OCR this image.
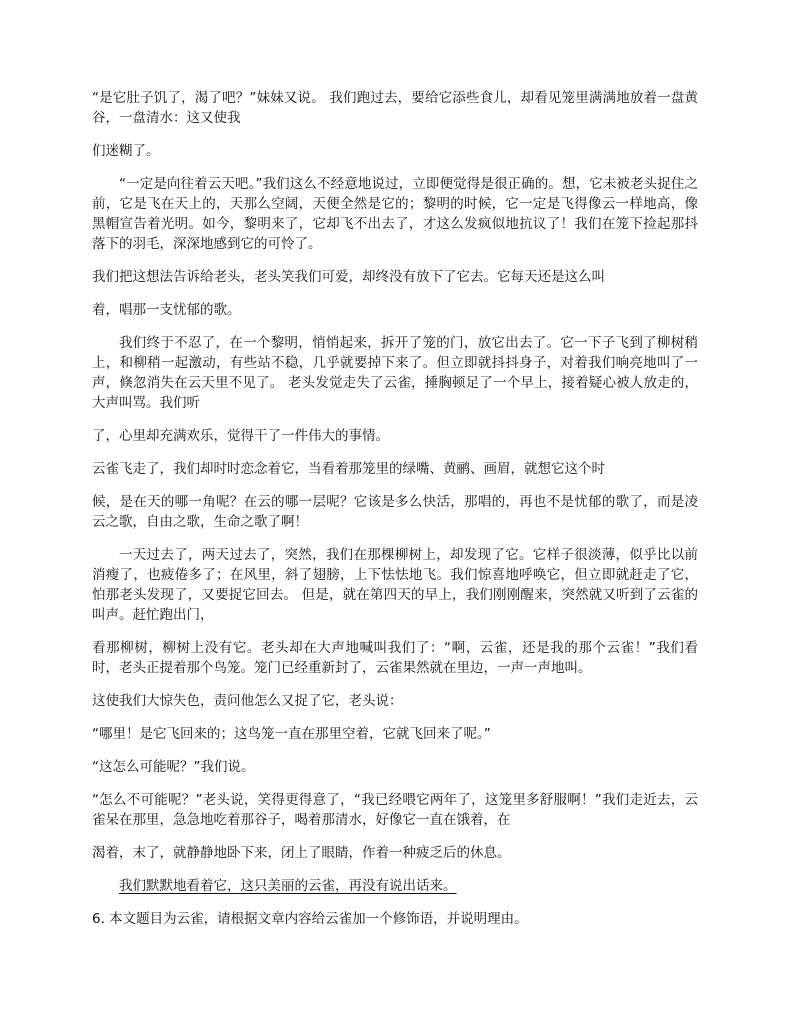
“是它肚子饥了，渴了吧？”妹妹又说。 我们跑过去，要给它添些食儿，却看见笼里满满地放着一盘黄谷，一盘清水：这又使我

们迷糊了。

“一定是向往着云天吧。”我们这么不经意地说过，立即便觉得是很正确的。想，它未被老头捉住之前，它是飞在天上的，天那么空阔，天便全然是它的；黎明的时候，它一定是飞得像云一样地高，像黑帽宣告着光明。如今，黎明来了，它却飞不出去了，才这么发疯似地抗议了！我们在笼下捡起那抖落下的羽毛，深深地感到它的可怜了。

我们把这想法告诉给老头，老头笑我们可爱，却终没有放下了它去。它每天还是这么叫

着，唱那一支忧郁的歌。

我们终于不忍了，在一个黎明，悄悄起来，拆开了笼的门，放它出去了。它一下子飞到了柳树稍上，和柳稍一起激动，有些站不稳，几乎就要掉下来了。但立即就抖抖身子，对着我们响亮地叫了一声，倏忽消失在云天里不见了。 老头发觉走失了云雀，捶胸顿足了一个早上，接着疑心被人放走的，大声叫骂。我们听

了，心里却充满欢乐，觉得干了一件伟大的事情。

云雀飞走了，我们却时时恋念着它，当看着那笼里的绿嘴、黄鹂、画眉，就想它这个时

候，是在天的哪一角呢？在云的哪一层呢？它该是多么快活，那唱的，再也不是忧郁的歌了，而是凌云之歌，自由之歌，生命之歌了啊！

一天过去了，两天过去了，突然，我们在那棵柳树上，却发现了它。它样子很淡薄，似乎比以前消瘦了，也疲倦多了；在风里，斜了翅膀，上下怯怯地飞。我们惊喜地呼唤它，但立即就赶走了它，怕那老头发现了，又要捉它回去。 但是，就在第四天的早上，我们刚刚醒来，突然就又听到了云雀的叫声。赶忙跑出门，

看那柳树，柳树上没有它。老头却在大声地喊叫我们了：“啊，云雀，还是我的那个云雀！”我们看时，老头正提着那个鸟笼。笼门已经重新封了，云雀果然就在里边，一声一声地叫。

这使我们大惊失色，责问他怎么又捉了它，老头说：

“哪里！是它飞回来的；这鸟笼一直在那里空着，它就飞回来了呢。”

“这怎么可能呢？”我们说。

“怎么不可能呢？”老头说，笑得更得意了，“我已经喂它两年了，这笼里多舒服啊！”我们走近去，云雀呆在那里，急急地吃着那谷子，喝着那清水，好像它一直在饿着，在

渴着，末了，就静静地卧下来，闭上了眼睛，作着一种疲乏后的休息。

我们默默地看着它，这只美丽的云雀，再没有说出话来。

6. 本文题目为云雀，请根据文章内容给云雀加一个修饰语，并说明理由。
